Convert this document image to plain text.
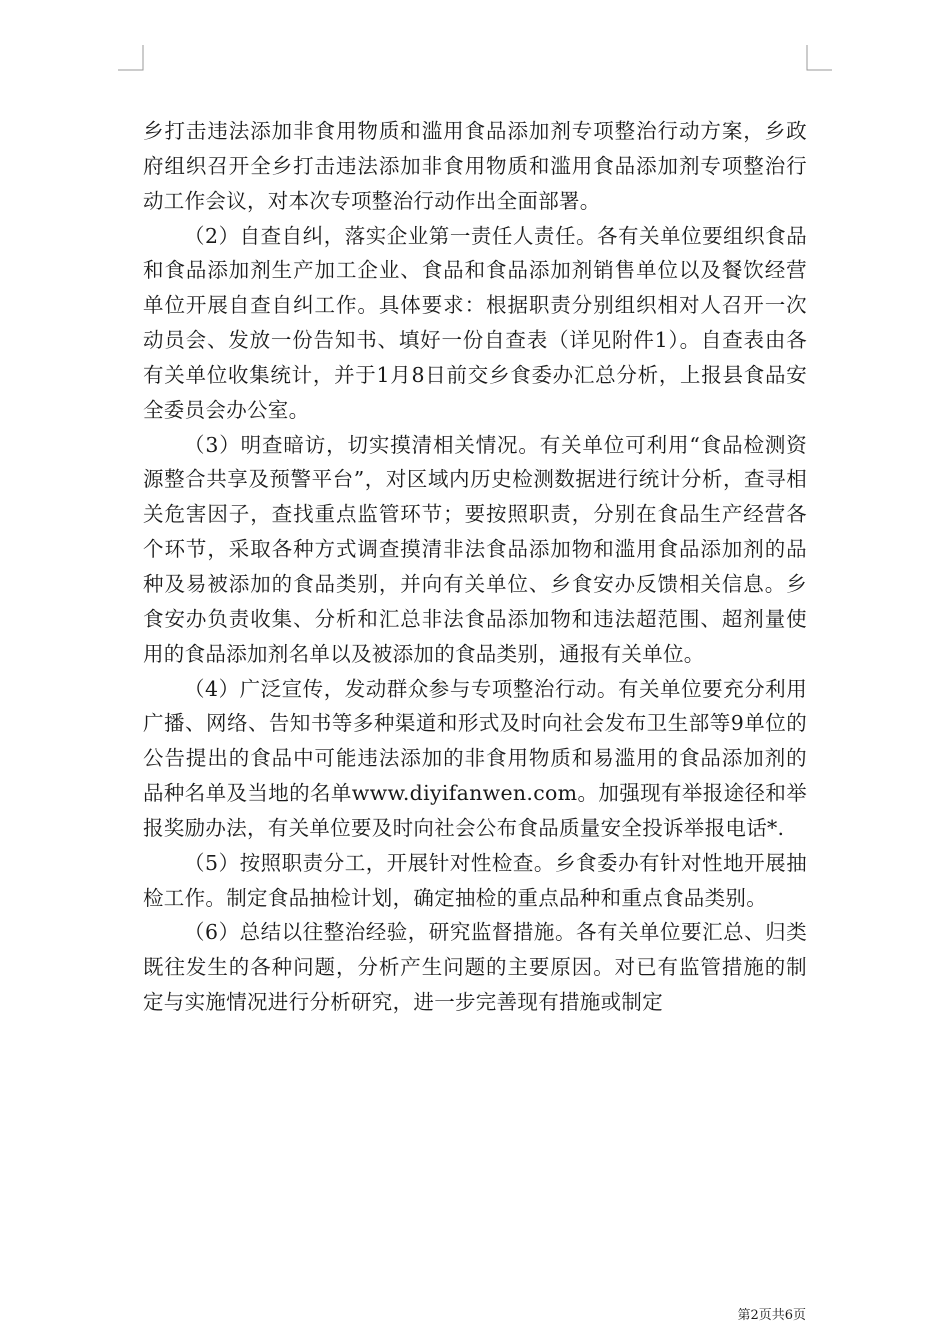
乡打击违法添加非食用物质和滥用食品添加剂专项整治行动方案，乡政府组织召开全乡打击违法添加非食用物质和滥用食品添加剂专项整治行动工作会议，对本次专项整治行动作出全面部署。

（2）自查自纠，落实企业第一责任人责任。各有关单位要组织食品和食品添加剂生产加工企业、食品和食品添加剂销售单位以及餐饮经营单位开展自查自纠工作。具体要求：根据职责分别组织相对人召开一次动员会、发放一份告知书、填好一份自查表（详见附件1）。自查表由各有关单位收集统计，并于1月8日前交乡食委办汇总分析，上报县食品安全委员会办公室。

（3）明查暗访，切实摸清相关情况。有关单位可利用“食品检测资源整合共享及预警平台”，对区域内历史检测数据进行统计分析，查寻相关危害因子，查找重点监管环节；要按照职责，分别在食品生产经营各个环节，采取各种方式调查摸清非法食品添加物和滥用食品添加剂的品种及易被添加的食品类别，并向有关单位、乡食安办反馈相关信息。乡食安办负责收集、分析和汇总非法食品添加物和违法超范围、超剂量使用的食品添加剂名单以及被添加的食品类别，通报有关单位。

（4）广泛宣传，发动群众参与专项整治行动。有关单位要充分利用广播、网络、告知书等多种渠道和形式及时向社会发布卫生部等9单位的公告提出的食品中可能违法添加的非食用物质和易滥用的食品添加剂的品种名单及当地的名单www.diyifanwen.com。加强现有举报途径和举报奖励办法，有关单位要及时向社会公布食品质量安全投诉举报电话*.

（5）按照职责分工，开展针对性检查。乡食委办有针对性地开展抽检工作。制定食品抽检计划，确定抽检的重点品种和重点食品类别。

（6）总结以往整治经验，研究监督措施。各有关单位要汇总、归类既往发生的各种问题，分析产生问题的主要原因。对已有监管措施的制定与实施情况进行分析研究，进一步完善现有措施或制定

第2页共6页
